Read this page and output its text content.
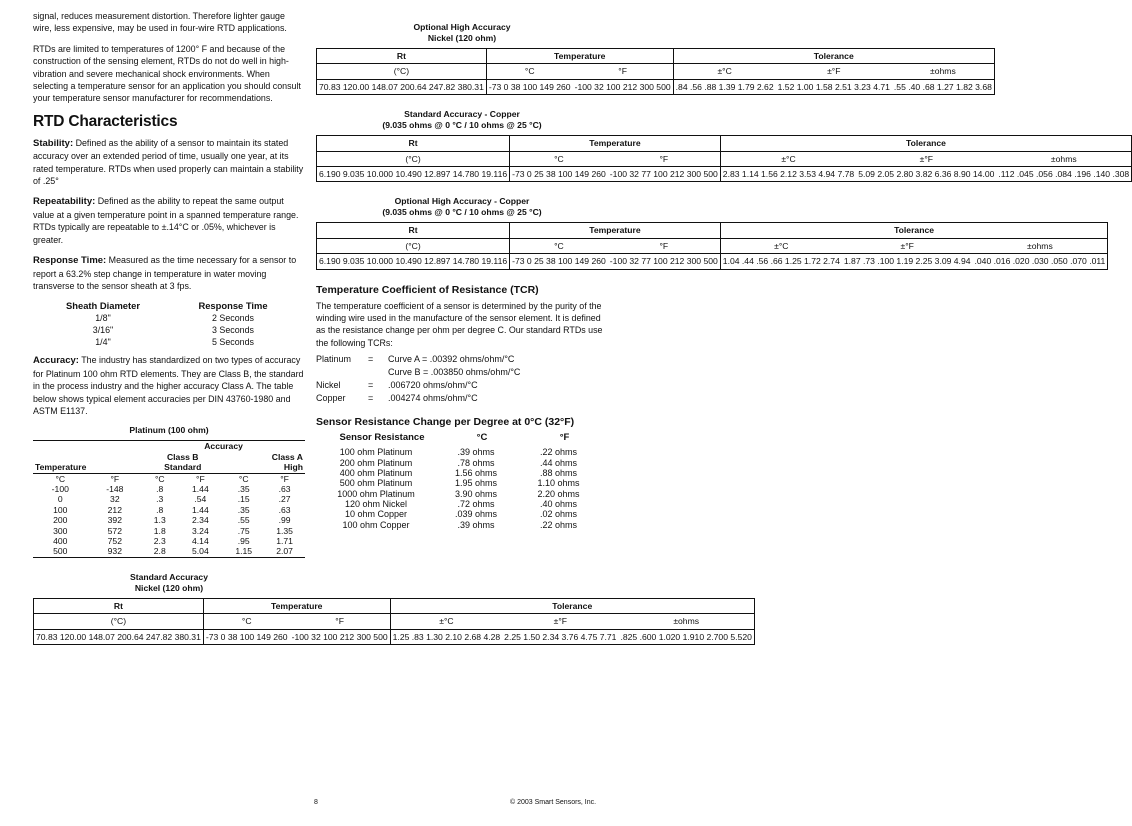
signal, reduces measurement distortion. Therefore lighter gauge wire, less expensive, may be used in four-wire RTD applications.

RTDs are limited to temperatures of 1200° F and because of the construction of the sensing element, RTDs do not do well in high-vibration and severe mechanical shock environments. When selecting a temperature sensor for an application you should consult your temperature sensor manufacturer for recommendations.

RTD Characteristics

Stability: Defined as the ability of a sensor to maintain its stated accuracy over an extended period of time, usually one year, at its rated temperature. RTDs when used properly can maintain a stability of .25°

Repeatability: Defined as the ability to repeat the same output value at a given temperature point in a spanned temperature range. RTDs typically are repeatable to ±.14°C or .05%, whichever is greater.

Response Time: Measured as the time necessary for a sensor to report a 63.2% step change in temperature in water moving transverse to the sensor sheath at 3 fps.

Sheath Diameter	Response Time
1/8"	2 Seconds
3/16"	3 Seconds
1/4"	5 Seconds

Accuracy: The industry has standardized on two types of accuracy for Platinum 100 ohm RTD elements. They are Class B, the standard in the process industry and the higher accuracy Class A. The table below shows typical element accuracies per DIN 43760-1980 and ASTM E1137.

Platinum (100 ohm)
		Accuracy			
		Class B		Class A	
Temperature		Standard		High	
°C	°F	°C	°F	°C	°F
-100	-148	.8	1.44	.35	.63
0	32	.3	.54	.15	.27
100	212	.8	1.44	.35	.63
200	392	1.3	2.34	.55	.99
300	572	1.8	3.24	.75	1.35
400	752	2.3	4.14	.95	1.71
500	932	2.8	5.04	1.15	2.07
Standard Accuracy
Nickel (120 ohm)
Rt	Temperature		Tolerance		
(°C)	°C	°F	±°C	±°F	±ohms
70.83 120.00 148.07 200.64 247.82 380.31	-73 0 38 100 149 260	-100 32 100 212 300 500	1.25 .83 1.30 2.10 2.68 4.28	2.25 1.50 2.34 3.76 4.75 7.71	.825 .600 1.020 1.910 2.700 5.520
Optional High Accuracy
Nickel (120 ohm)
Rt	Temperature		Tolerance		
(°C)	°C	°F	±°C	±°F	±ohms
70.83 120.00 148.07 200.64 247.82 380.31	-73 0 38 100 149 260	-100 32 100 212 300 500	.84 .56 .88 1.39 1.79 2.62	1.52 1.00 1.58 2.51 3.23 4.71	.55 .40 .68 1.27 1.82 3.68
Standard Accuracy - Copper
(9.035 ohms @ 0 °C / 10 ohms @ 25 °C)
Rt	Temperature		Tolerance		
(°C)	°C	°F	±°C	±°F	±ohms
6.190 9.035 10.000 10.490 12.897 14.780 19.116	-73 0 25 38 100 149 260	-100 32 77 100 212 300 500	2.83 1.14 1.56 2.12 3.53 4.94 7.78	5.09 2.05 2.80 3.82 6.36 8.90 14.00	.112 .045 .056 .084 .196 .140 .308
Optional High Accuracy - Copper
(9.035 ohms @ 0 °C / 10 ohms @ 25 °C)
Rt	Temperature		Tolerance		
(°C)	°C	°F	±°C	±°F	±ohms
6.190 9.035 10.000 10.490 12.897 14.780 19.116	-73 0 25 38 100 149 260	-100 32 77 100 212 300 500	1.04 .44 .56 .66 1.25 1.72 2.74	1.87 .73 .100 1.19 2.25 3.09 4.94	.040 .016 .020 .030 .050 .070 .011
Temperature Coefficient of Resistance (TCR)

The temperature coefficient of a sensor is determined by the purity of the winding wire used in the manufacture of the sensor element. It is defined as the resistance change per ohm per degree C. Our standard RTDs use the following TCRs:

Platinum	=	Curve A = .00392 ohms/ohm/°C
Curve B = .003850 ohms/ohm/°C
Nickel	=	.006720 ohms/ohm/°C
Copper	=	.004274 ohms/ohm/°C
Sensor Resistance Change per Degree at 0°C (32°F)
Sensor Resistance	°C	°F
100 ohm Platinum	.39 ohms	.22 ohms
200 ohm Platinum	.78 ohms	.44 ohms
400 ohm Platinum	1.56 ohms	.88 ohms
500 ohm Platinum	1.95 ohms	1.10 ohms
1000 ohm Platinum	3.90 ohms	2.20 ohms
120 ohm Nickel	.72 ohms	.40 ohms
10 ohm Copper	.039 ohms	.02 ohms
100 ohm Copper	.39 ohms	.22 ohms
8	© 2003 Smart Sensors, Inc.
